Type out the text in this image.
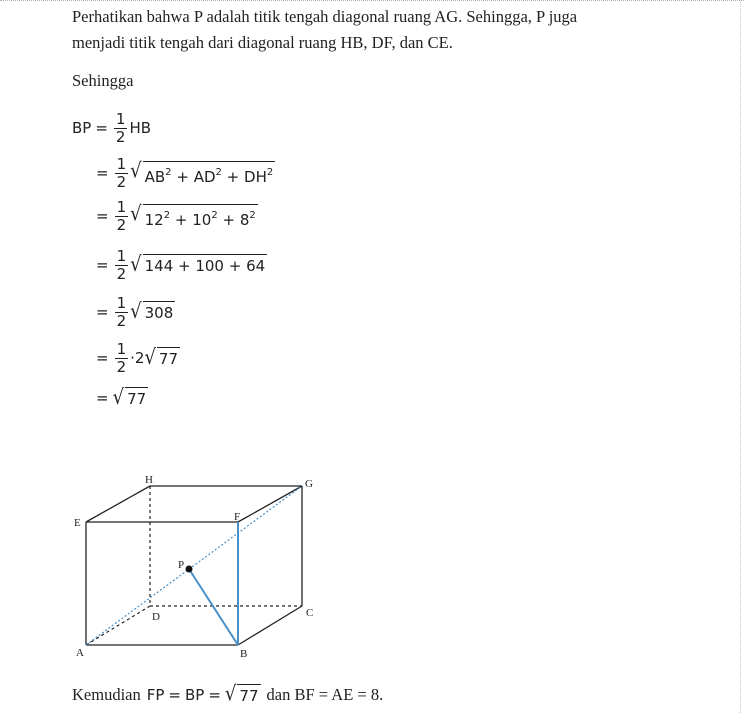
Perhatikan bahwa P adalah titik tengah diagonal ruang AG. Sehingga, P juga
menjadi titik tengah dari diagonal ruang HB, DF, dan CE.
Sehingga
BP = $\frac{1}{2}$ HB
= $\frac{1}{2}$ √ $AB^2 + AD^2 + DH^2$
= $\frac{1}{2}$ √ $12^2 + 10^2 + 8^2$
= $\frac{1}{2}$ √ 144 + 100 + 64
= $\frac{1}{2}$ √ 308
= $\frac{1}{2} \cdot 2$ √ 77
= √ 77
A	B
C
D
E	F
G
H
P
Kemudian FP = BP = √ 77 dan BF = AE = 8.
